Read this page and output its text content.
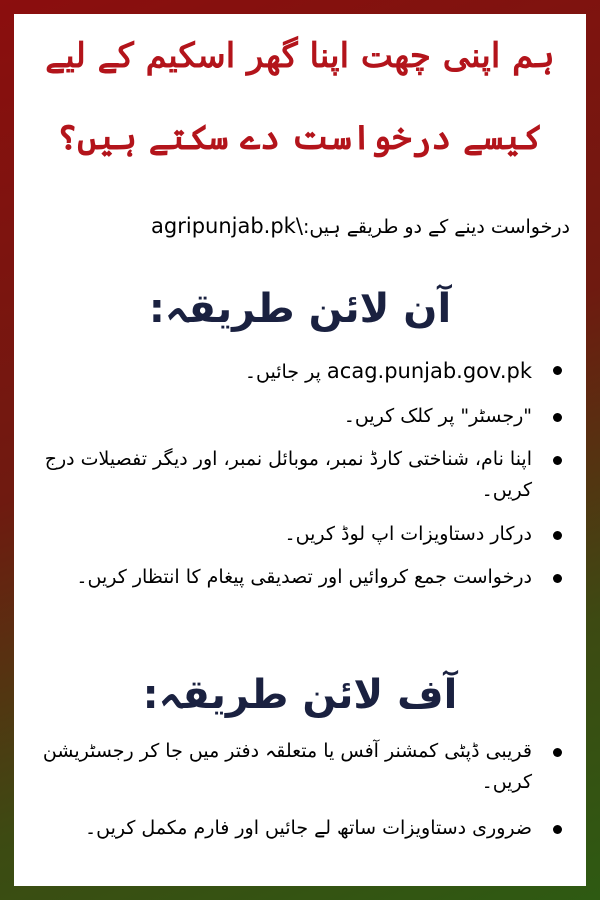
ہم اپنی چھت اپنا گھر اسکیم کے لیے
کیسے درخواست دے سکتے ہیں؟
درخواست دینے کے دو طریقے ہیں:agripunjab.pk\
آن لائن طریقہ:
acag.punjab.gov.pk پر جائیں۔
"رجسٹر" پر کلک کریں۔
اپنا نام، شناختی کارڈ نمبر، موبائل نمبر، اور دیگر تفصیلات درج کریں۔
درکار دستاویزات اپ لوڈ کریں۔
درخواست جمع کروائیں اور تصدیقی پیغام کا انتظار کریں۔
آف لائن طریقہ:
قریبی ڈپٹی کمشنر آفس یا متعلقہ دفتر میں جا کر رجسٹریشن کریں۔
ضروری دستاویزات ساتھ لے جائیں اور فارم مکمل کریں۔
